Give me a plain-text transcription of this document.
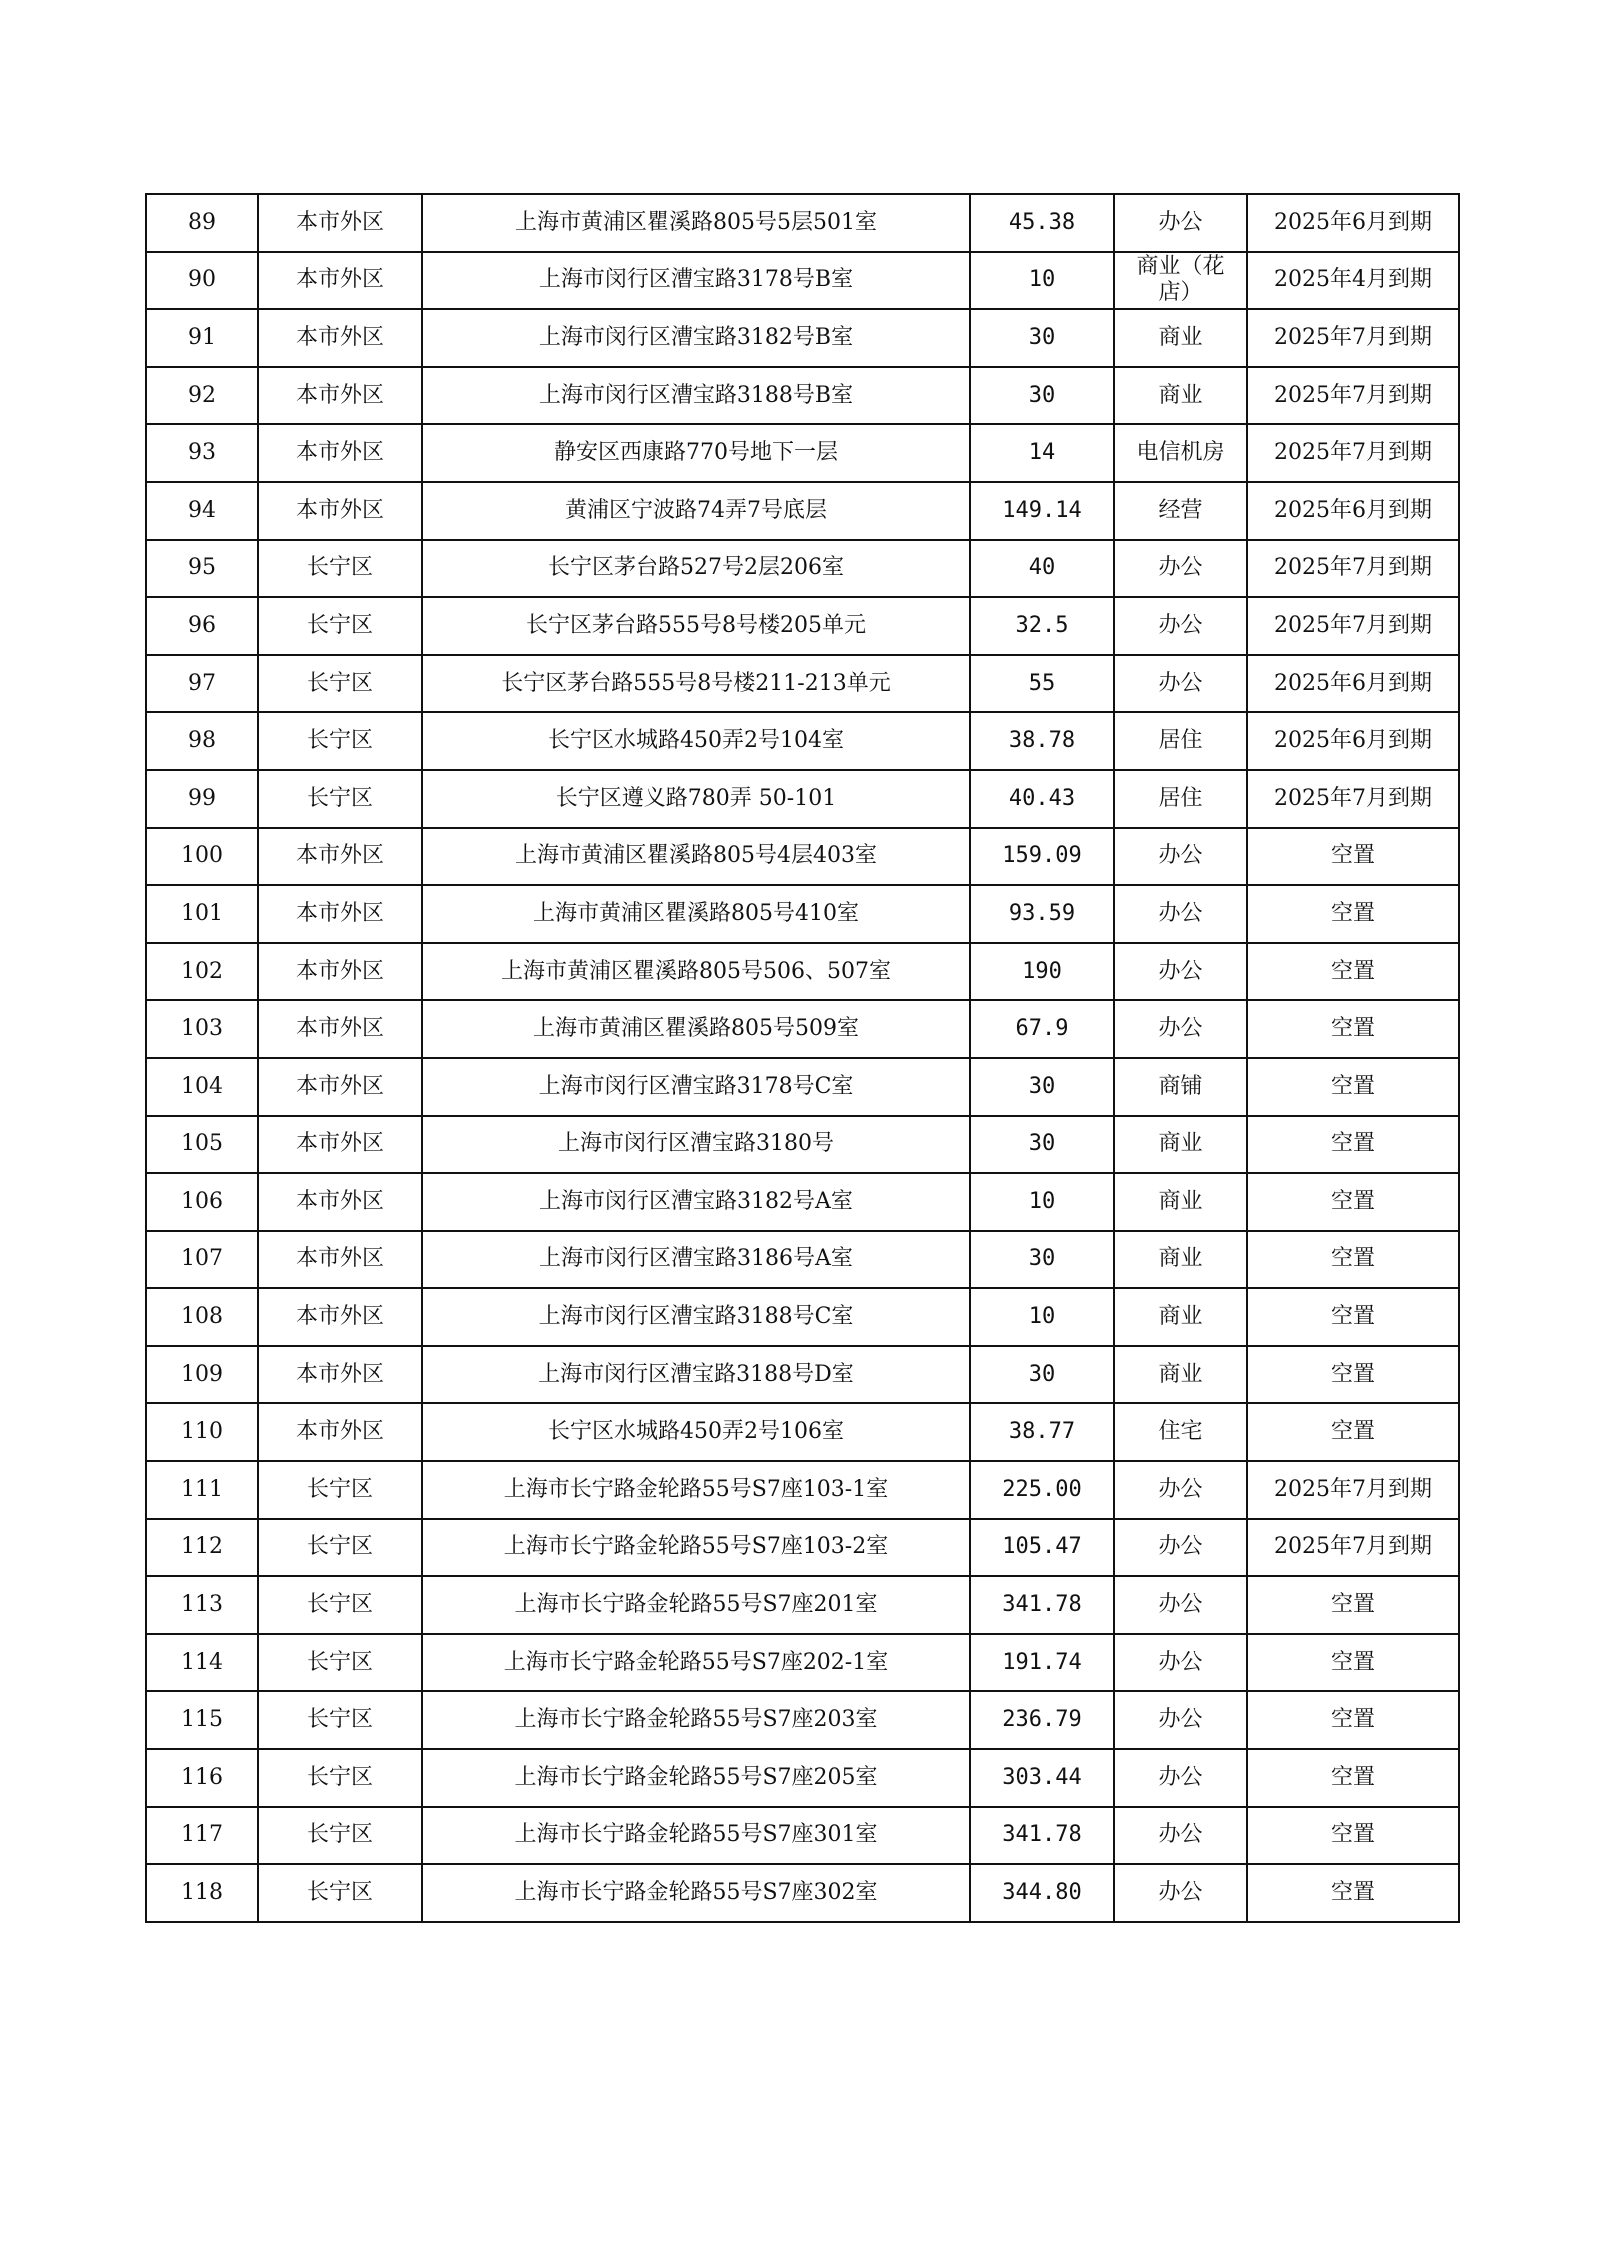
89	本市外区	上海市黄浦区瞿溪路805号5层501室	45.38	办公	2025年6月到期
90	本市外区	上海市闵行区漕宝路3178号B室	10	商业（花店）	2025年4月到期
91	本市外区	上海市闵行区漕宝路3182号B室	30	商业	2025年7月到期
92	本市外区	上海市闵行区漕宝路3188号B室	30	商业	2025年7月到期
93	本市外区	静安区西康路770号地下一层	14	电信机房	2025年7月到期
94	本市外区	黄浦区宁波路74弄7号底层	149.14	经营	2025年6月到期
95	长宁区	长宁区茅台路527号2层206室	40	办公	2025年7月到期
96	长宁区	长宁区茅台路555号8号楼205单元	32.5	办公	2025年7月到期
97	长宁区	长宁区茅台路555号8号楼211-213单元	55	办公	2025年6月到期
98	长宁区	长宁区水城路450弄2号104室	38.78	居住	2025年6月到期
99	长宁区	长宁区遵义路780弄 50-101	40.43	居住	2025年7月到期
100	本市外区	上海市黄浦区瞿溪路805号4层403室	159.09	办公	空置
101	本市外区	上海市黄浦区瞿溪路805号410室	93.59	办公	空置
102	本市外区	上海市黄浦区瞿溪路805号506、507室	190	办公	空置
103	本市外区	上海市黄浦区瞿溪路805号509室	67.9	办公	空置
104	本市外区	上海市闵行区漕宝路3178号C室	30	商铺	空置
105	本市外区	上海市闵行区漕宝路3180号	30	商业	空置
106	本市外区	上海市闵行区漕宝路3182号A室	10	商业	空置
107	本市外区	上海市闵行区漕宝路3186号A室	30	商业	空置
108	本市外区	上海市闵行区漕宝路3188号C室	10	商业	空置
109	本市外区	上海市闵行区漕宝路3188号D室	30	商业	空置
110	本市外区	长宁区水城路450弄2号106室	38.77	住宅	空置
111	长宁区	上海市长宁路金轮路55号S7座103-1室	225.00	办公	2025年7月到期
112	长宁区	上海市长宁路金轮路55号S7座103-2室	105.47	办公	2025年7月到期
113	长宁区	上海市长宁路金轮路55号S7座201室	341.78	办公	空置
114	长宁区	上海市长宁路金轮路55号S7座202-1室	191.74	办公	空置
115	长宁区	上海市长宁路金轮路55号S7座203室	236.79	办公	空置
116	长宁区	上海市长宁路金轮路55号S7座205室	303.44	办公	空置
117	长宁区	上海市长宁路金轮路55号S7座301室	341.78	办公	空置
118	长宁区	上海市长宁路金轮路55号S7座302室	344.80	办公	空置
